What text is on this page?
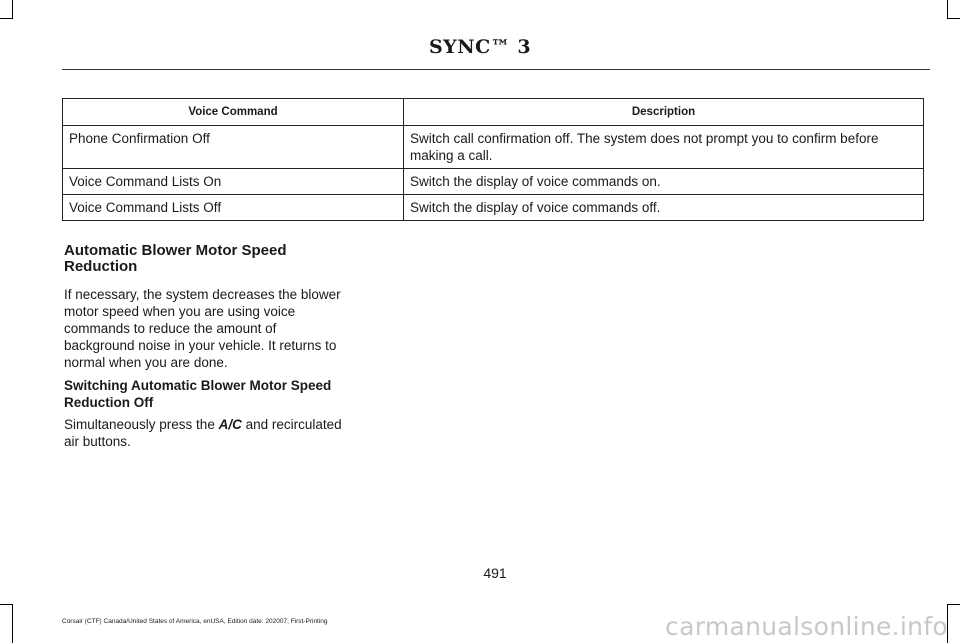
SYNC™ 3
Voice Command	Description
Phone Confirmation Off	Switch call confirmation off. The system does not prompt you to confirm before making a call.
Voice Command Lists On	Switch the display of voice commands on.
Voice Command Lists Off	Switch the display of voice commands off.
Automatic Blower Motor Speed Reduction
If necessary, the system decreases the blower motor speed when you are using voice commands to reduce the amount of background noise in your vehicle. It returns to normal when you are done.
Switching Automatic Blower Motor Speed Reduction Off
Simultaneously press the A/C and recirculated air buttons.
491
Corsair (CTF) Canada/United States of America, enUSA, Edition date: 202007, First-Printing	carmanualsonline.info
